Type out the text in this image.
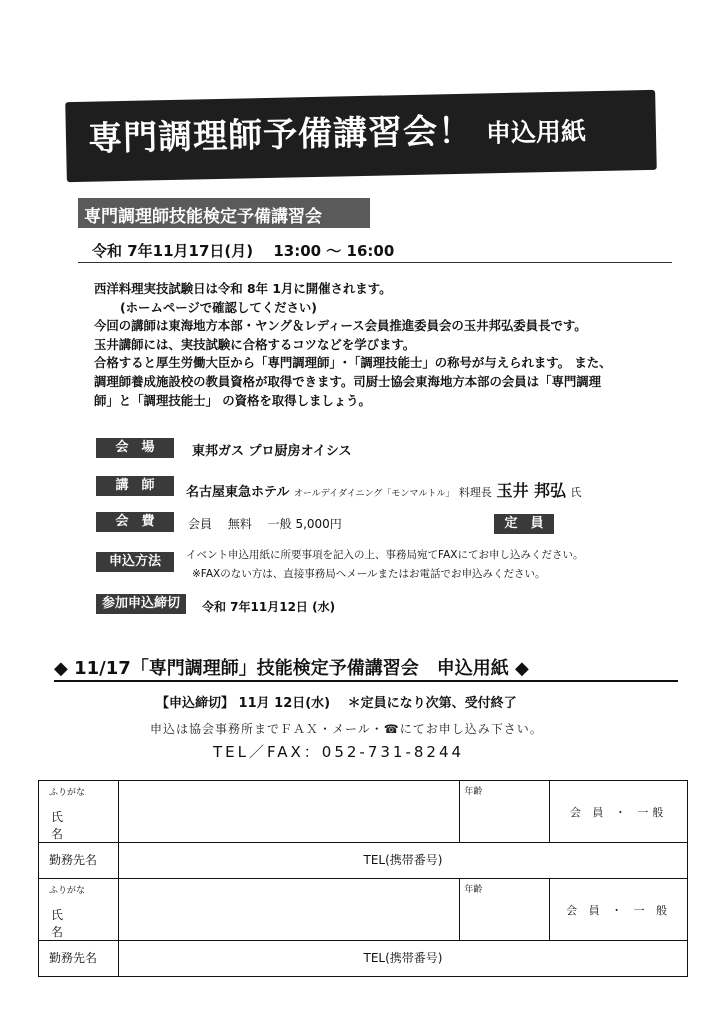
専門調理師予備講習会！ 申込用紙
専門調理師技能検定予備講習会
令和 7年11月17日(月)　 13:00 ～ 16:00
西洋料理実技試験日は令和 8年 1月に開催されます。
(ホームページで確認してください)
今回の講師は東海地方本部・ヤング＆レディース会員推進委員会の玉井邦弘委員長です。
玉井講師には、実技試験に合格するコツなどを学びます。
合格すると厚生労働大臣から「専門調理師」･「調理技能士」の称号が与えられます。 また、
調理師養成施設校の教員資格が取得できます。司厨士協会東海地方本部の会員は「専門調理
師」と「調理技能士」 の資格を取得しましょう。
会　場	東邦ガス プロ厨房オイシス
講　師	名古屋東急ホテル オールデイダイニング「モンマルトル」 料理長 玉井 邦弘 氏
会　費	会員　 無料　 一般 5,000円	定　員
申込方法	イベント申込用紙に所要事項を記入の上、事務局宛てFAXにてお申し込みください。
※FAXのない方は、直接事務局へメールまたはお電話でお申込みください。
参加申込締切	令和 7年11月12日 (水)
◆ 11/17「専門調理師」技能検定予備講習会　申込用紙 ◆
【申込締切】 11月 12日(水)　 ＊定員になり次第、受付終了
申込は協会事務所までＦＡＸ・メール・☎にてお申し込み下さい。
TEL／FAX：052-731-8244
ふりがな
氏 名		年齢	会 員 ・ 一般

勤務先名	TEL(携帯番号)		

ふりがな
氏 名		年齢	会 員 ・ 一 般

勤務先名	TEL(携帯番号)		
